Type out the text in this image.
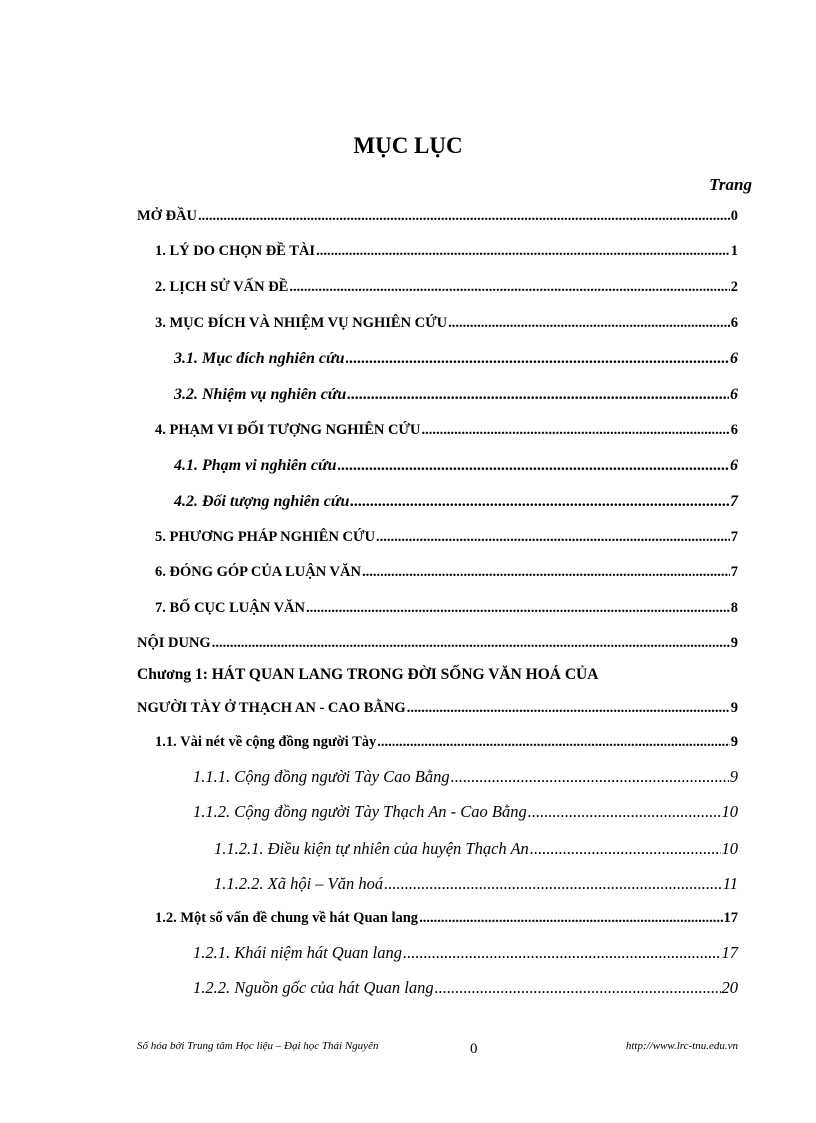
MỤC LỤC
Trang
MỞ ĐẦU .....	0
1. LÝ DO CHỌN ĐỀ TÀI .....	1
2. LỊCH SỬ VẤN ĐỀ .....	2
3. MỤC ĐÍCH VÀ NHIỆM VỤ NGHIÊN CỨU .....	6
3.1. Mục đích nghiên cứu .....	6
3.2. Nhiệm vụ nghiên cứu .....	6
4. PHẠM VI ĐỐI TƯỢNG NGHIÊN CỨU .....	6
4.1. Phạm vi nghiên cứu .....	6
4.2. Đối tượng nghiên cứu .....	7
5. PHƯƠNG PHÁP NGHIÊN CỨU .....	7
6. ĐÓNG GÓP CỦA LUẬN VĂN .....	7
7. BỐ CỤC LUẬN VĂN .....	8
NỘI DUNG .....	9
Chương 1: HÁT QUAN LANG TRONG ĐỜI SỐNG VĂN HOÁ CỦA
NGƯỜI TÀY Ở THẠCH AN - CAO BẰNG .....	9
1.1. Vài nét về cộng đồng người Tày .....	9
1.1.1. Cộng đồng người Tày Cao Bằng .....	9
1.1.2. Cộng đồng người Tày Thạch An - Cao Bằng .....	10
1.1.2.1. Điều kiện tự nhiên của huyện Thạch An .....	10
1.1.2.2. Xã hội – Văn hoá .....	11
1.2. Một số vấn đề chung về hát Quan lang .....	17
1.2.1. Khái niệm hát Quan lang .....	17
1.2.2. Nguồn gốc của hát Quan lang .....	20
Số hóa bởi Trung tâm Học liệu – Đại học Thái Nguyên	0	http://www.lrc-tnu.edu.vn
